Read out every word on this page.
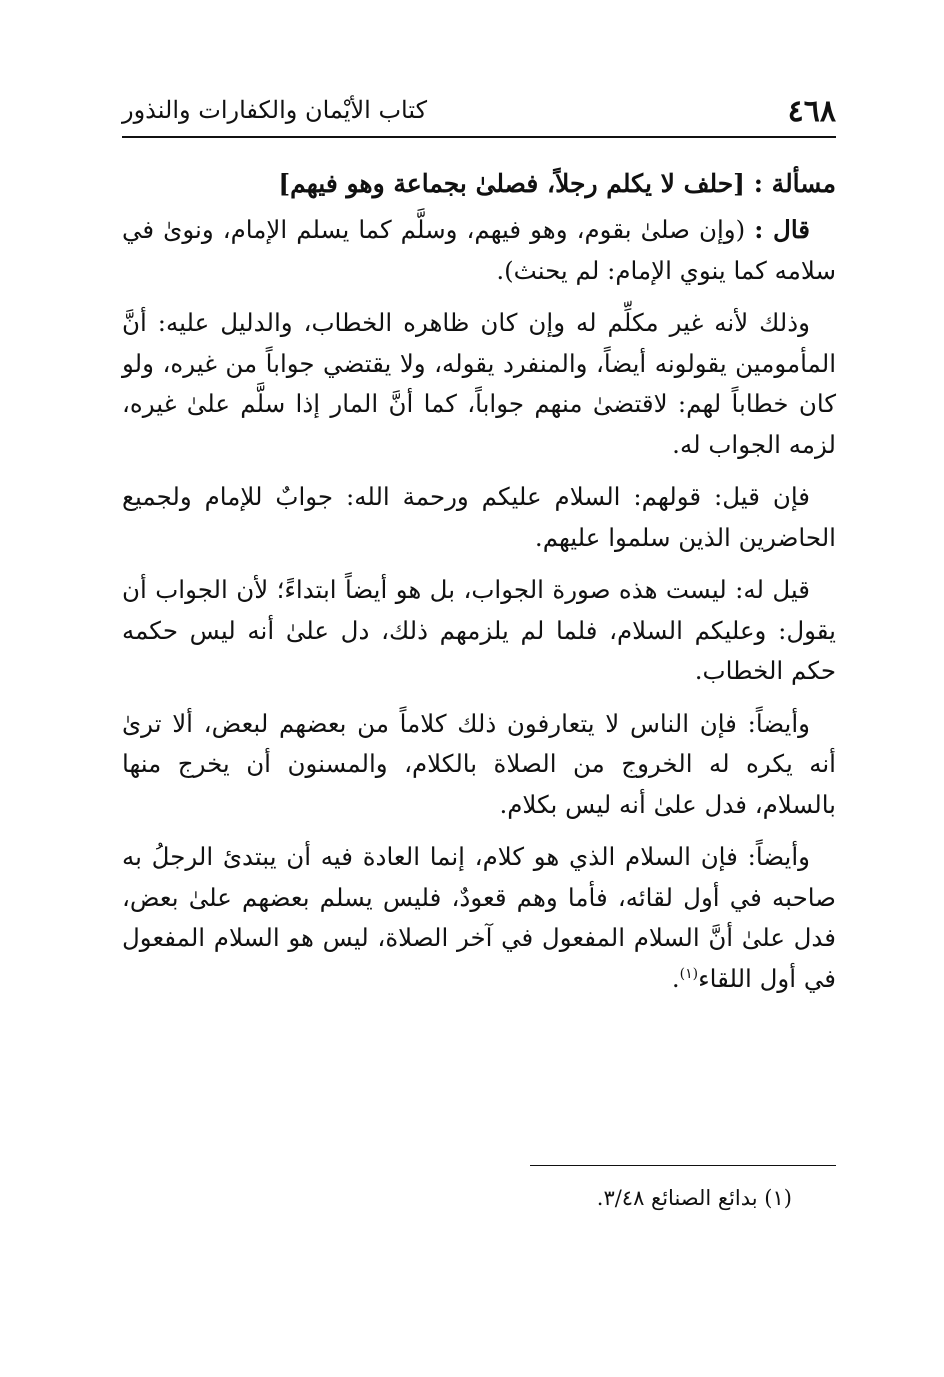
٤٦٨
كتاب الأيْمان والكفارات والنذور
مسألة : [حلف لا يكلم رجلاً، فصلىٰ بجماعة وهو فيهم]

قال : (وإن صلىٰ بقوم، وهو فيهم، وسلَّم كما يسلم الإمام، ونوىٰ في سلامه كما ينوي الإمام: لم يحنث).

وذلك لأنه غير مكلِّم له وإن كان ظاهره الخطاب، والدليل عليه: أنَّ المأمومين يقولونه أيضاً، والمنفرد يقوله، ولا يقتضي جواباً من غيره، ولو كان خطاباً لهم: لاقتضىٰ منهم جواباً، كما أنَّ المار إذا سلَّم علىٰ غيره، لزمه الجواب له.

فإن قيل: قولهم: السلام عليكم ورحمة الله: جوابٌ للإمام ولجميع الحاضرين الذين سلموا عليهم.

قيل له: ليست هذه صورة الجواب، بل هو أيضاً ابتداءً؛ لأن الجواب أن يقول: وعليكم السلام، فلما لم يلزمهم ذلك، دل علىٰ أنه ليس حكمه حكم الخطاب.

وأيضاً: فإن الناس لا يتعارفون ذلك كلاماً من بعضهم لبعض، ألا ترىٰ أنه يكره له الخروج من الصلاة بالكلام، والمسنون أن يخرج منها بالسلام، فدل علىٰ أنه ليس بكلام.

وأيضاً: فإن السلام الذي هو كلام، إنما العادة فيه أن يبتدئ الرجلُ به صاحبه في أول لقائه، فأما وهم قعودٌ، فليس يسلم بعضهم علىٰ بعض، فدل علىٰ أنَّ السلام المفعول في آخر الصلاة، ليس هو السلام المفعول في أول اللقاء$^{(١)}$.

(١) بدائع الصنائع ٣/٤٨.
